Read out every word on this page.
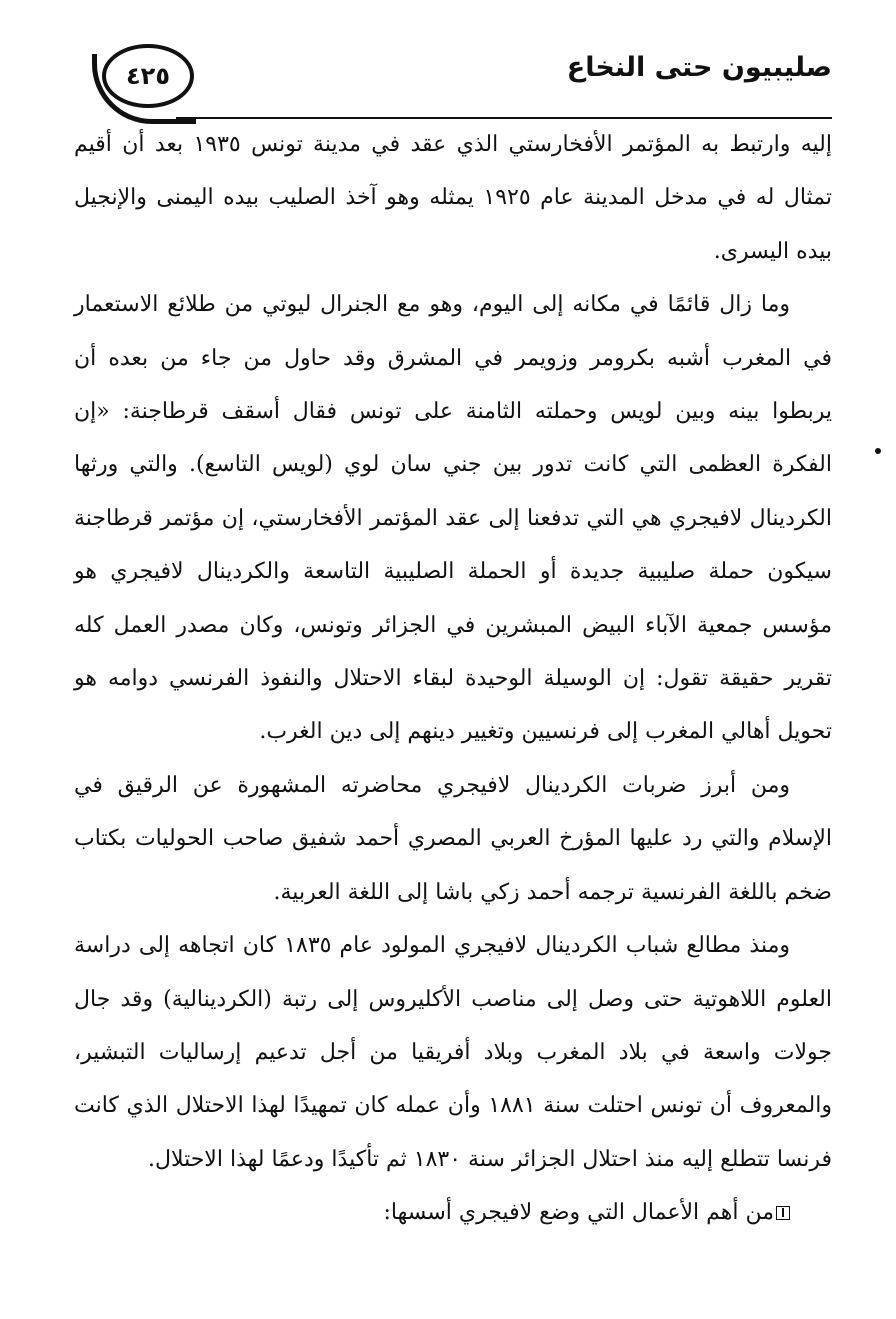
٤٢٥	صليبيون حتى النخاع

إليه وارتبط به المؤتمر الأفخارستي الذي عقد في مدينة تونس ١٩٣٥ بعد أن أقيم تمثال له في مدخل المدينة عام ١٩٢٥ يمثله وهو آخذ الصليب بيده اليمنى والإنجيل بيده اليسرى.

وما زال قائمًا في مكانه إلى اليوم، وهو مع الجنرال ليوتي من طلائع الاستعمار في المغرب أشبه بكرومر وزويمر في المشرق وقد حاول من جاء من بعده أن يربطوا بينه وبين لويس وحملته الثامنة على تونس فقال أسقف قرطاجنة: «إن الفكرة العظمى التي كانت تدور بين جني سان لوي (لويس التاسع). والتي ورثها الكردينال لافيجري هي التي تدفعنا إلى عقد المؤتمر الأفخارستي، إن مؤتمر قرطاجنة سيكون حملة صليبية جديدة أو الحملة الصليبية التاسعة والكردينال لافيجري هو مؤسس جمعية الآباء البيض المبشرين في الجزائر وتونس، وكان مصدر العمل كله تقرير حقيقة تقول: إن الوسيلة الوحيدة لبقاء الاحتلال والنفوذ الفرنسي دوامه هو تحويل أهالي المغرب إلى فرنسيين وتغيير دينهم إلى دين الغرب.

ومن أبرز ضربات الكردينال لافيجري محاضرته المشهورة عن الرقيق في الإسلام والتي رد عليها المؤرخ العربي المصري أحمد شفيق صاحب الحوليات بكتاب ضخم باللغة الفرنسية ترجمه أحمد زكي باشا إلى اللغة العربية.

ومنذ مطالع شباب الكردينال لافيجري المولود عام ١٨٣٥ كان اتجاهه إلى دراسة العلوم اللاهوتية حتى وصل إلى مناصب الأكليروس إلى رتبة (الكردينالية) وقد جال جولات واسعة في بلاد المغرب وبلاد أفريقيا من أجل تدعيم إرساليات التبشير، والمعروف أن تونس احتلت سنة ١٨٨١ وأن عمله كان تمهيدًا لهذا الاحتلال الذي كانت فرنسا تتطلع إليه منذ احتلال الجزائر سنة ١٨٣٠ ثم تأكيدًا ودعمًا لهذا الاحتلال.

من أهم الأعمال التي وضع لافيجري أسسها:
